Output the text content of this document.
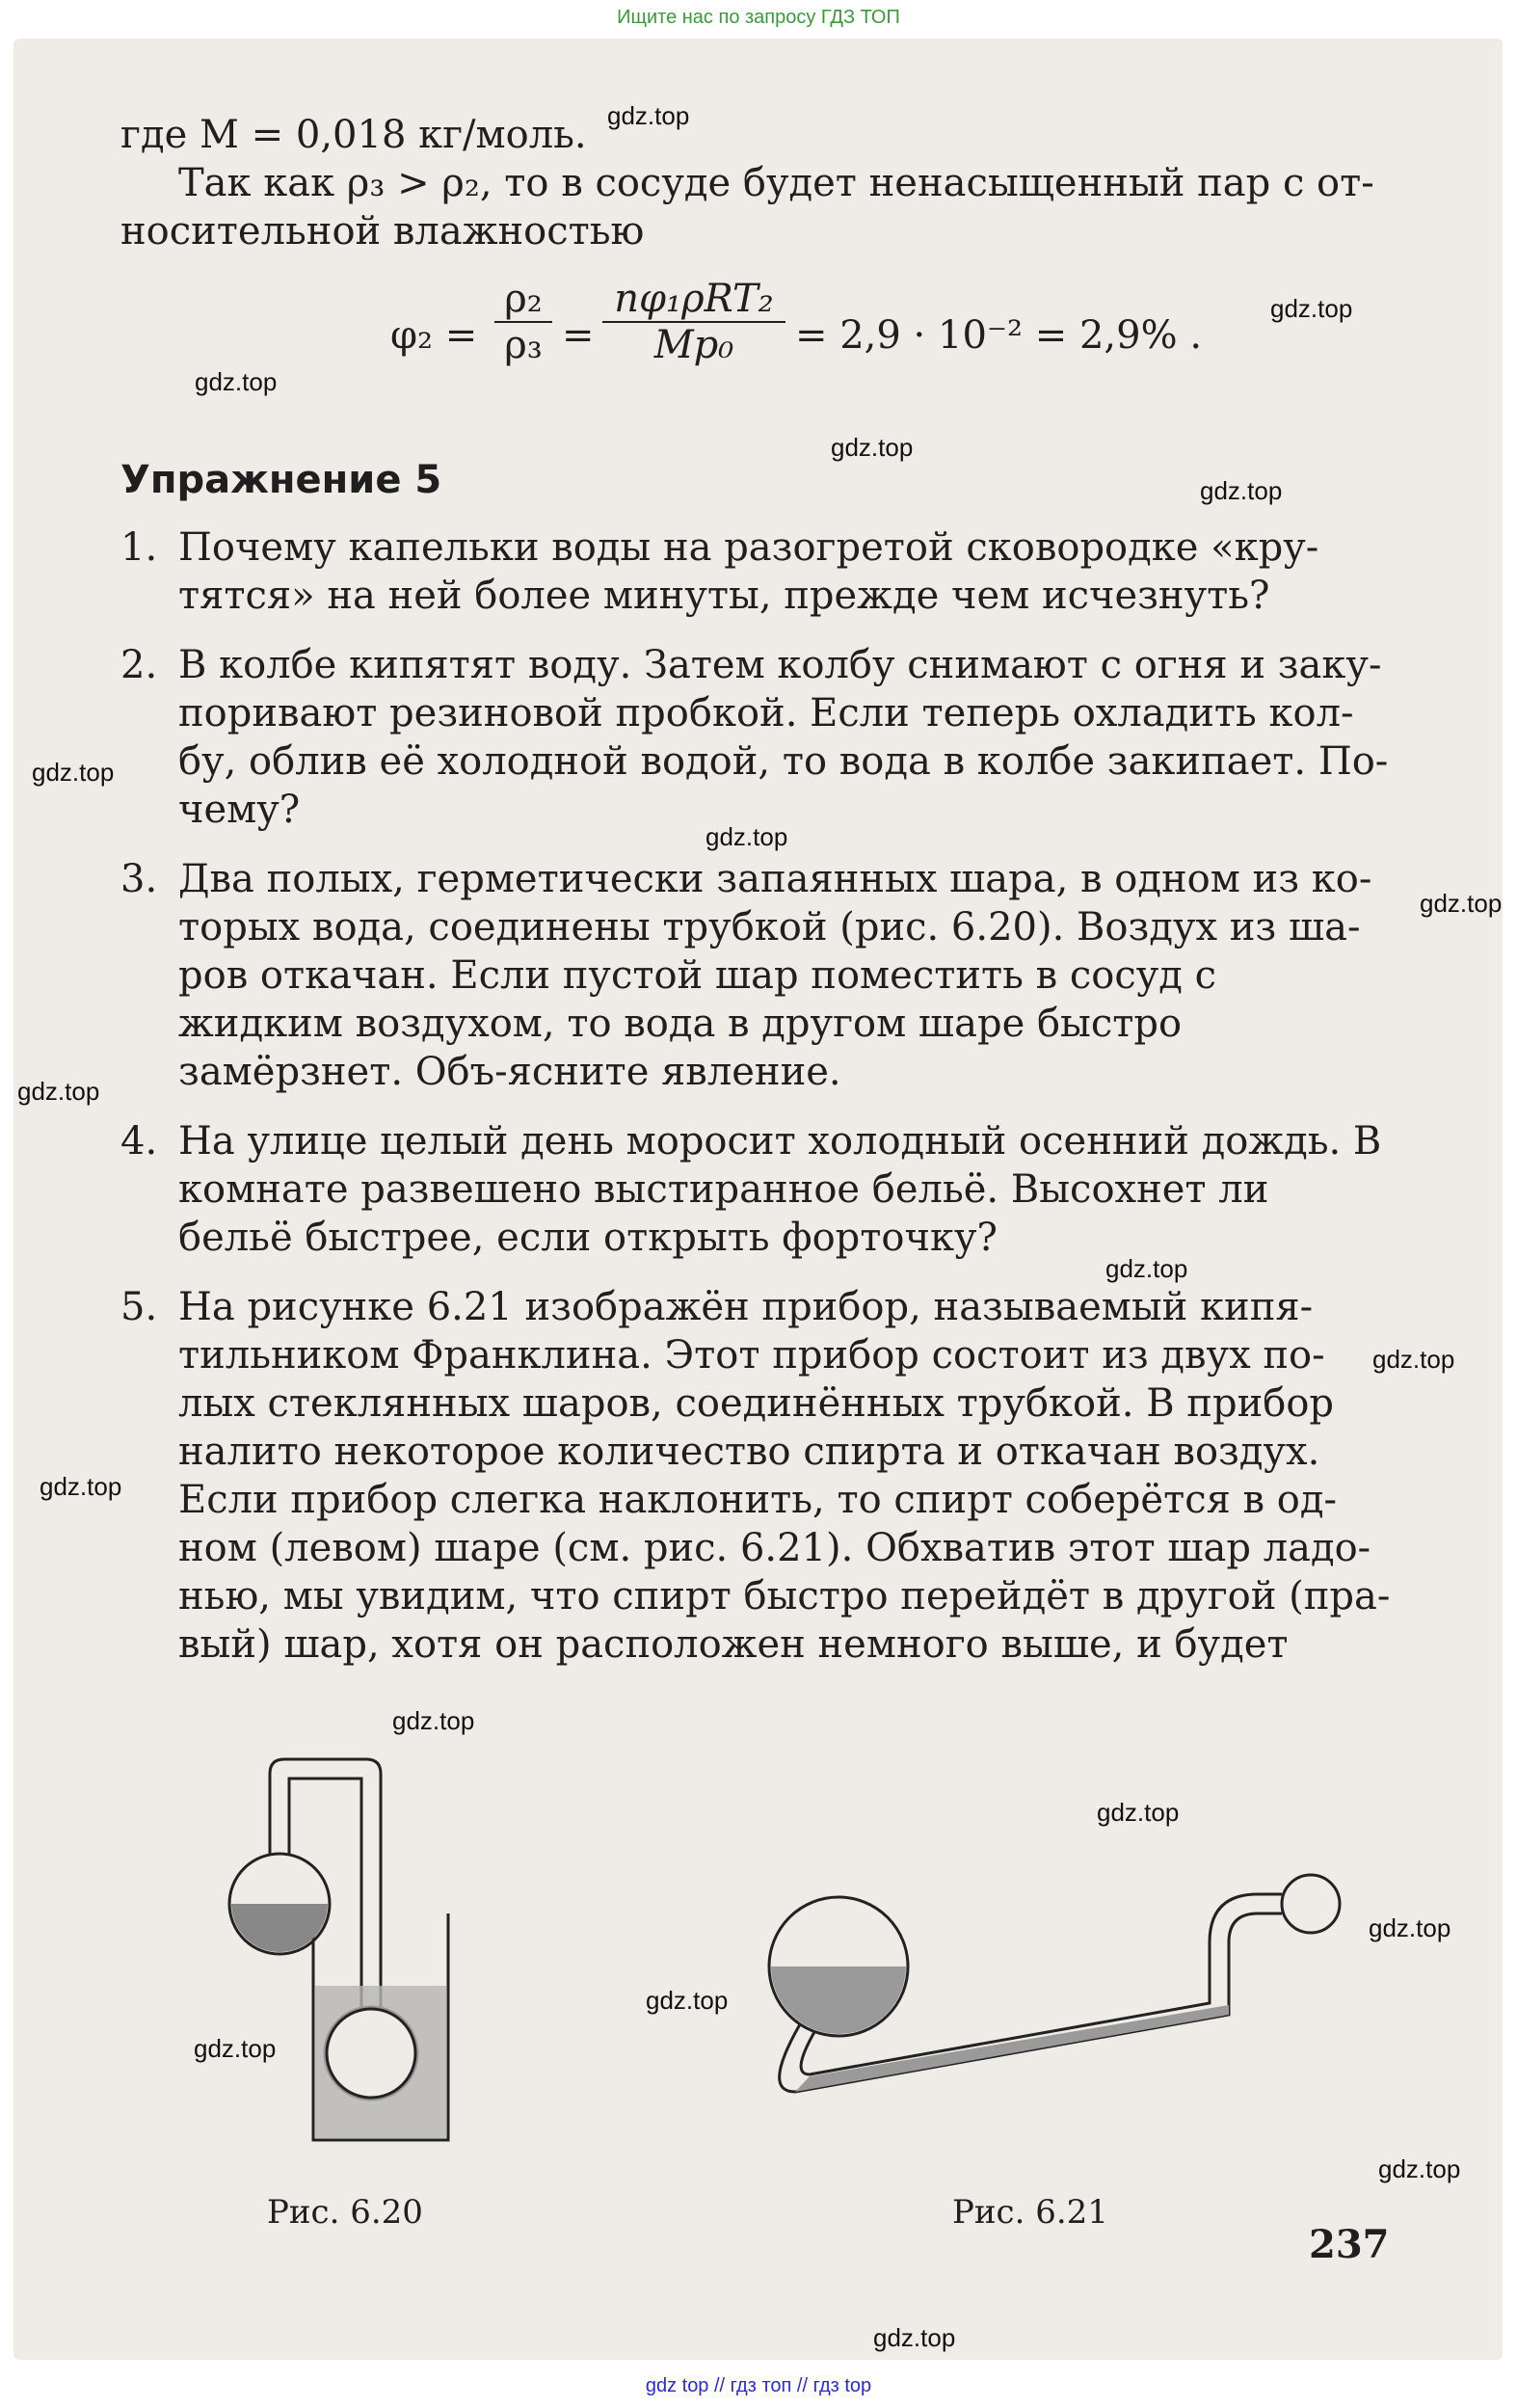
Ищите нас по запросу ГДЗ ТОП
где M = 0,018 кг/моль.
Так как ρ₃ > ρ₂, то в сосуде будет ненасыщенный пар с от-
носительной влажностью
$\varphi_2 = \frac{\text{ρ₂}}{\text{ρ₃}}$ =
nφ₁ρRT₂
Mp₀	= 2,9 · 10⁻² = 2,9% .
Упражнение 5
1. Почему капельки воды на разогретой сковородке «кру-тятся» на ней более минуты, прежде чем исчезнуть?
2. В колбе кипятят воду. Затем колбу снимают с огня и заку-поривают резиновой пробкой. Если теперь охладить кол-бу, облив её холодной водой, то вода в колбе закипает. По-чему?
3. Два полых, герметически запаянных шара, в одном из ко-торых вода, соединены трубкой (рис. 6.20). Воздух из ша-ров откачан. Если пустой шар поместить в сосуд с жидким воздухом, то вода в другом шаре быстро замёрзнет. Объ-ясните явление.
4. На улице целый день моросит холодный осенний дождь. В комнате развешено выстиранное бельё. Высохнет ли бельё быстрее, если открыть форточку?
5. На рисунке 6.21 изображён прибор, называемый кипя-тильником Франклина. Этот прибор состоит из двух по-лых стеклянных шаров, соединённых трубкой. В прибор налито некоторое количество спирта и откачан воздух. Если прибор слегка наклонить, то спирт соберётся в од-ном (левом) шаре (см. рис. 6.21). Обхватив этот шар ладо-нью, мы увидим, что спирт быстро перейдёт в другой (пра-вый) шар, хотя он расположен немного выше, и будет
Рис. 6.20	Рис. 6.21
237
gdz.top
gdz.top
gdz.top
gdz.top
gdz.top
gdz.top
gdz.top
gdz.top
gdz.top
gdz.top
gdz.top
gdz.top
gdz.top
gdz.top
gdz.top
gdz.top
gdz.top
gdz.top
gdz.top
gdz top // гдз топ // гдз top
